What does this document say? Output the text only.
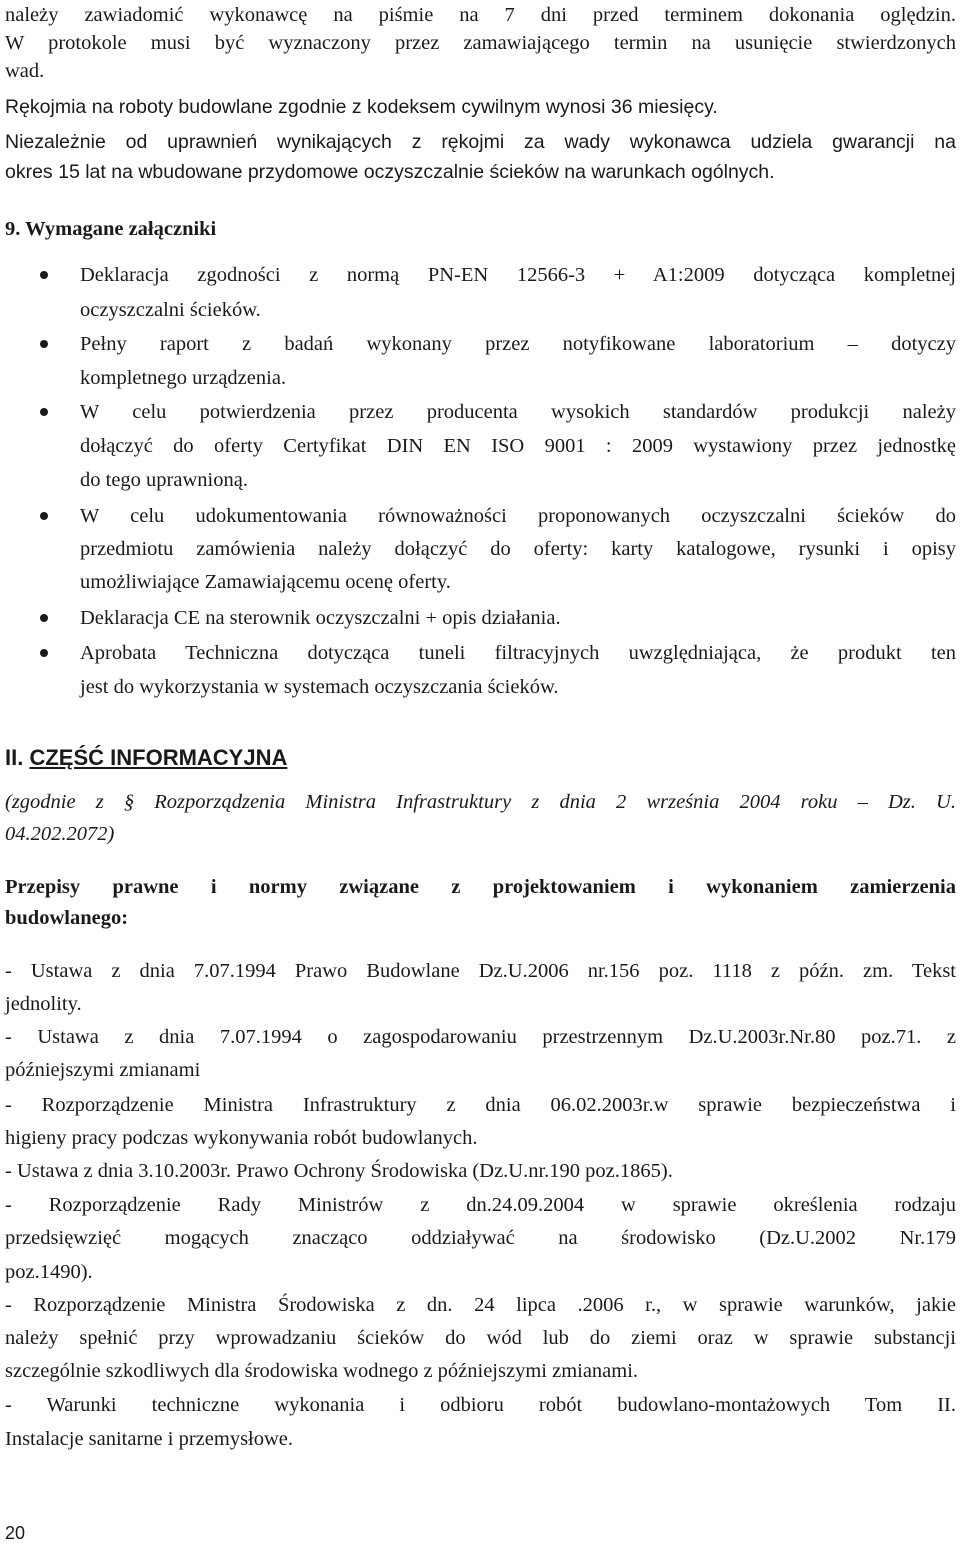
należy zawiadomić wykonawcę na piśmie na 7 dni przed terminem dokonania oględzin.
W protokole musi być wyznaczony przez zamawiającego termin na usunięcie stwierdzonych
wad.
Rękojmia na roboty budowlane zgodnie z kodeksem cywilnym wynosi 36 miesięcy.
Niezależnie od uprawnień wynikających z rękojmi za wady wykonawca udziela gwarancji na
okres 15 lat na wbudowane przydomowe oczyszczalnie ścieków na warunkach ogólnych.
9. Wymagane załączniki
Deklaracja zgodności z normą PN-EN 12566-3 + A1:2009 dotycząca kompletnej
oczyszczalni ścieków.
Pełny raport z badań wykonany przez notyfikowane laboratorium – dotyczy
kompletnego urządzenia.
W celu potwierdzenia przez producenta wysokich standardów produkcji należy
dołączyć do oferty Certyfikat DIN EN ISO 9001 : 2009 wystawiony przez jednostkę
do tego uprawnioną.
W celu udokumentowania równoważności proponowanych oczyszczalni ścieków do
przedmiotu zamówienia należy dołączyć do oferty: karty katalogowe, rysunki i opisy
umożliwiające Zamawiającemu ocenę oferty.
Deklaracja CE na sterownik oczyszczalni + opis działania.
Aprobata Techniczna dotycząca tuneli filtracyjnych uwzględniająca, że produkt ten
jest do wykorzystania w systemach oczyszczania ścieków.
II. CZĘŚĆ INFORMACYJNA
(zgodnie z § Rozporządzenia Ministra Infrastruktury z dnia 2 września 2004 roku – Dz. U.
04.202.2072)
Przepisy prawne i normy związane z projektowaniem i wykonaniem zamierzenia
budowlanego:
- Ustawa z dnia 7.07.1994 Prawo Budowlane Dz.U.2006 nr.156 poz. 1118 z późn. zm. Tekst
jednolity.
- Ustawa z dnia 7.07.1994 o zagospodarowaniu przestrzennym Dz.U.2003r.Nr.80 poz.71. z
późniejszymi zmianami
- Rozporządzenie Ministra Infrastruktury z dnia 06.02.2003r.w sprawie bezpieczeństwa i
higieny pracy podczas wykonywania robót budowlanych.
- Ustawa z dnia 3.10.2003r. Prawo Ochrony Środowiska (Dz.U.nr.190 poz.1865).
- Rozporządzenie Rady Ministrów z dn.24.09.2004 w sprawie określenia rodzaju
przedsięwzięć mogących znacząco oddziaływać na środowisko (Dz.U.2002 Nr.179
poz.1490).
- Rozporządzenie Ministra Środowiska z dn. 24 lipca .2006 r., w sprawie warunków, jakie
należy spełnić przy wprowadzaniu ścieków do wód lub do ziemi oraz w sprawie substancji
szczególnie szkodliwych dla środowiska wodnego z późniejszymi zmianami.
- Warunki techniczne wykonania i odbioru robót budowlano-montażowych Tom II.
Instalacje sanitarne i przemysłowe.
20
